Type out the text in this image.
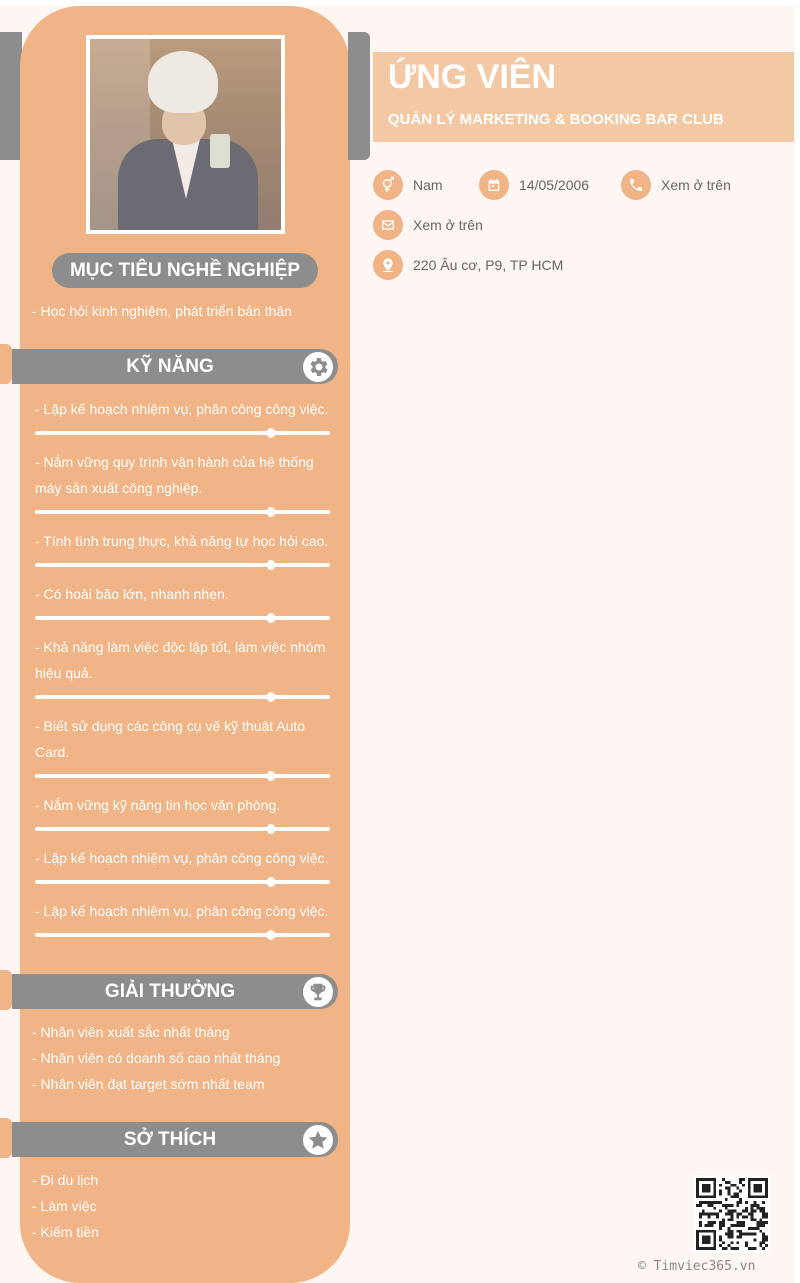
MỤC TIÊU NGHỀ NGHIỆP
- Học hỏi kinh nghiệm, phát triển bản thân
KỸ NĂNG
- Lập kế hoạch nhiệm vụ, phân công công việc.
- Nắm vững quy trình vận hành của hệ thống máy sản xuất công nghiệp.
- Tính tình trung thực, khả năng tự học hỏi cao.
- Có hoài bão lớn, nhanh nhẹn.
- Khả năng làm việc độc lập tốt, làm việc nhóm hiệu quả.
- Biết sử dụng các công cụ vẽ kỹ thuật Auto Card.
- Nắm vững kỹ năng tin học văn phòng.
- Lập kế hoạch nhiệm vụ, phân công công việc.
- Lập kế hoạch nhiệm vụ, phân công công việc.
GIẢI THƯỞNG
- Nhân viên xuất sắc nhất tháng
- Nhân viên có doanh số cao nhất tháng
- Nhân viên đạt target sớm nhất team
SỞ THÍCH
- Đi du lịch
- Làm việc
- Kiếm tiền
ỨNG VIÊN
QUẢN LÝ MARKETING & BOOKING BAR CLUB
Nam	14/05/2006	Xem ở trên
Xem ở trên
220 Âu cơ, P9, TP HCM
© Timviec365.vn
